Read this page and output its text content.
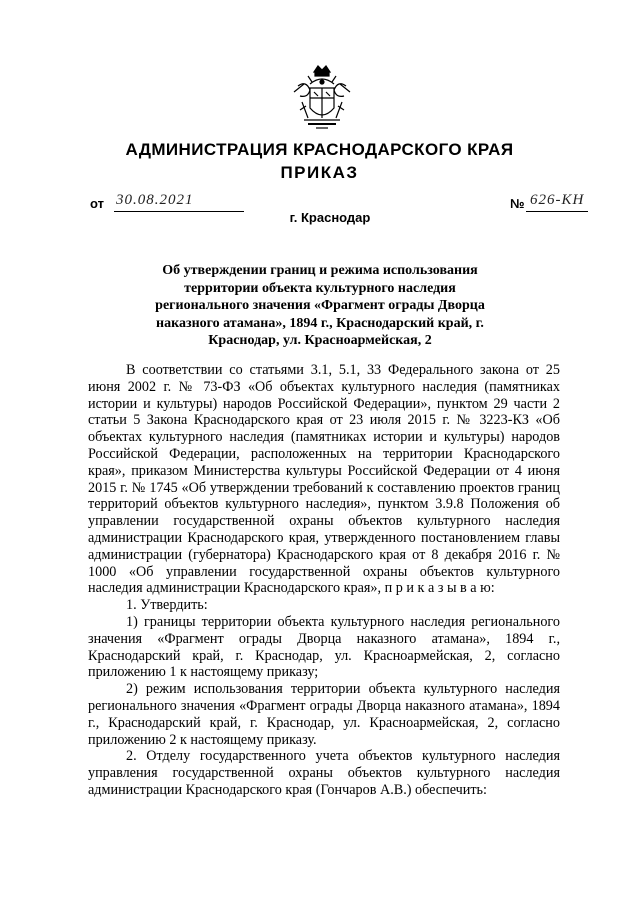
АДМИНИСТРАЦИЯ КРАСНОДАРСКОГО КРАЯ
ПРИКАЗ
от 30.08.2021	№ 626-КН
г. Краснодар
Об утверждении границ и режима использования территории объекта культурного наследия регионального значения «Фрагмент ограды Дворца наказного атамана», 1894 г., Краснодарский край, г. Краснодар, ул. Красноармейская, 2

В соответствии со статьями 3.1, 5.1, 33 Федерального закона от 25 июня 2002 г. № 73-ФЗ «Об объектах культурного наследия (памятниках истории и культуры) народов Российской Федерации», пунктом 29 части 2 статьи 5 Закона Краснодарского края от 23 июля 2015 г. № 3223-КЗ «Об объектах культурного наследия (памятниках истории и культуры) народов Российской Федерации, расположенных на территории Краснодарского края», приказом Министерства культуры Российской Федерации от 4 июня 2015 г. № 1745 «Об утверждении требований к составлению проектов границ территорий объектов культурного наследия», пунктом 3.9.8 Положения об управлении государственной охраны объектов культурного наследия администрации Краснодарского края, утвержденного постановлением главы администрации (губернатора) Краснодарского края от 8 декабря 2016 г. № 1000 «Об управлении государственной охраны объектов культурного наследия администрации Краснодарского края», п р и к а з ы в а ю:

1. Утвердить:

1) границы территории объекта культурного наследия регионального значения «Фрагмент ограды Дворца наказного атамана», 1894 г., Краснодарский край, г. Краснодар, ул. Красноармейская, 2, согласно приложению 1 к настоящему приказу;

2) режим использования территории объекта культурного наследия регионального значения «Фрагмент ограды Дворца наказного атамана», 1894 г., Краснодарский край, г. Краснодар, ул. Красноармейская, 2, согласно приложению 2 к настоящему приказу.

2. Отделу государственного учета объектов культурного наследия управления государственной охраны объектов культурного наследия администрации Краснодарского края (Гончаров А.В.) обеспечить:
